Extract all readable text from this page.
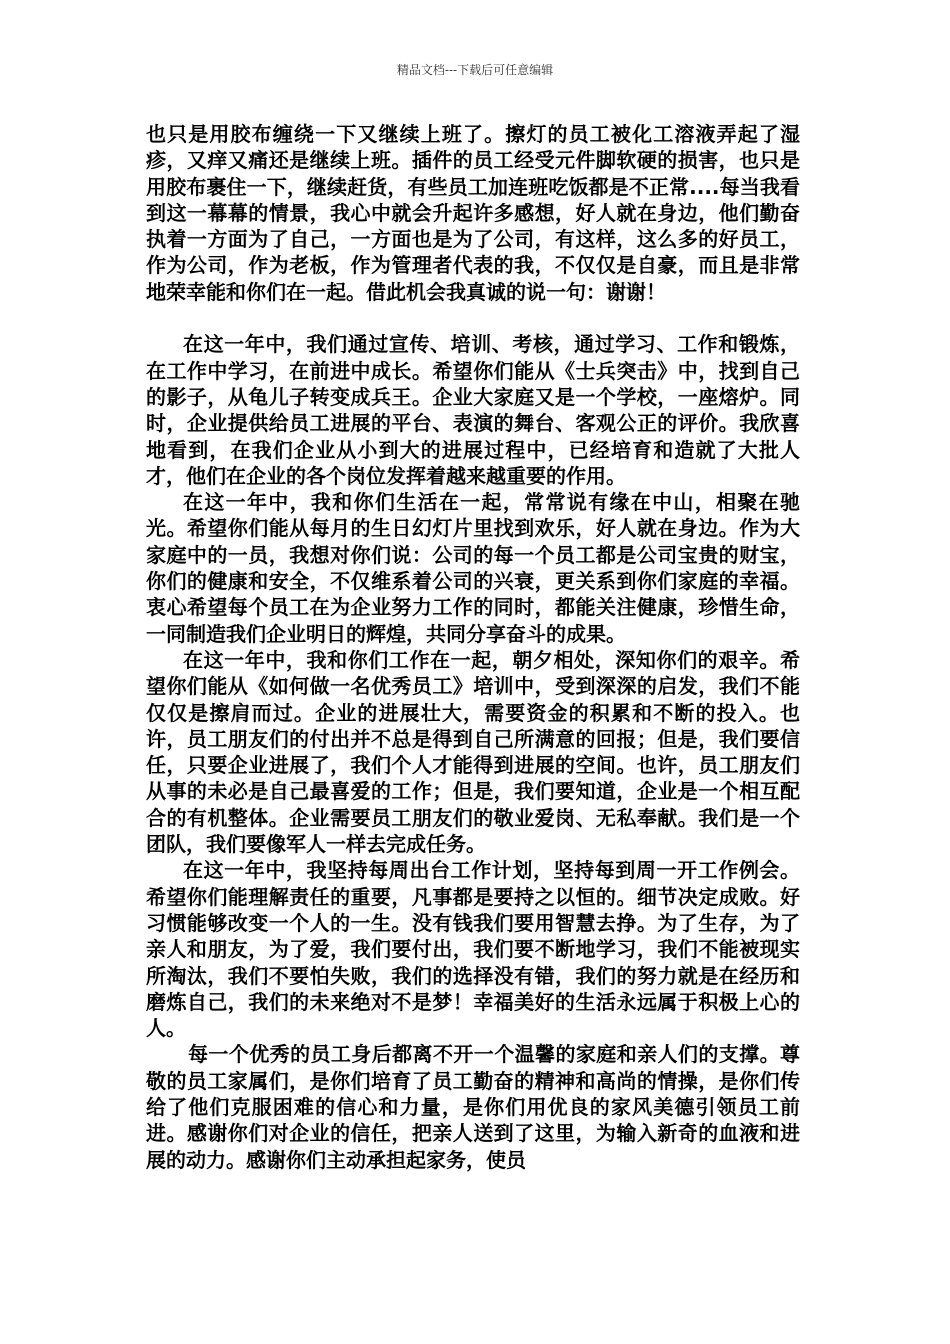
精品文档---下载后可任意编辑

也只是用胶布缠绕一下又继续上班了。擦灯的员工被化工溶液弄起了湿疹，又痒又痛还是继续上班。插件的员工经受元件脚软硬的损害，也只是用胶布裹住一下，继续赶货，有些员工加连班吃饭都是不正常....每当我看到这一幕幕的情景，我心中就会升起许多感想，好人就在身边，他们勤奋执着一方面为了自己，一方面也是为了公司，有这样，这么多的好员工，作为公司，作为老板，作为管理者代表的我，不仅仅是自豪，而且是非常地荣幸能和你们在一起。借此机会我真诚的说一句：谢谢！

在这一年中，我们通过宣传、培训、考核，通过学习、工作和锻炼，在工作中学习，在前进中成长。希望你们能从《士兵突击》中，找到自己的影子，从龟儿子转变成兵王。企业大家庭又是一个学校，一座熔炉。同时，企业提供给员工进展的平台、表演的舞台、客观公正的评价。我欣喜地看到，在我们企业从小到大的进展过程中，已经培育和造就了大批人才，他们在企业的各个岗位发挥着越来越重要的作用。

在这一年中，我和你们生活在一起，常常说有缘在中山，相聚在驰光。希望你们能从每月的生日幻灯片里找到欢乐，好人就在身边。作为大家庭中的一员，我想对你们说：公司的每一个员工都是公司宝贵的财宝，你们的健康和安全，不仅维系着公司的兴衰，更关系到你们家庭的幸福。衷心希望每个员工在为企业努力工作的同时，都能关注健康，珍惜生命，一同制造我们企业明日的辉煌，共同分享奋斗的成果。

在这一年中，我和你们工作在一起，朝夕相处，深知你们的艰辛。希望你们能从《如何做一名优秀员工》培训中，受到深深的启发，我们不能仅仅是擦肩而过。企业的进展壮大，需要资金的积累和不断的投入。也许，员工朋友们的付出并不总是得到自己所满意的回报；但是，我们要信任，只要企业进展了，我们个人才能得到进展的空间。也许，员工朋友们从事的未必是自己最喜爱的工作；但是，我们要知道，企业是一个相互配合的有机整体。企业需要员工朋友们的敬业爱岗、无私奉献。我们是一个团队，我们要像军人一样去完成任务。

在这一年中，我坚持每周出台工作计划，坚持每到周一开工作例会。希望你们能理解责任的重要，凡事都是要持之以恒的。细节决定成败。好习惯能够改变一个人的一生。没有钱我们要用智慧去挣。为了生存，为了亲人和朋友，为了爱，我们要付出，我们要不断地学习，我们不能被现实所淘汰，我们不要怕失败，我们的选择没有错，我们的努力就是在经历和磨炼自己，我们的未来绝对不是梦！幸福美好的生活永远属于积极上心的人。

每一个优秀的员工身后都离不开一个温馨的家庭和亲人们的支撑。尊敬的员工家属们，是你们培育了员工勤奋的精神和高尚的情操，是你们传给了他们克服困难的信心和力量，是你们用优良的家风美德引领员工前进。感谢你们对企业的信任，把亲人送到了这里，为输入新奇的血液和进展的动力。感谢你们主动承担起家务，使员
